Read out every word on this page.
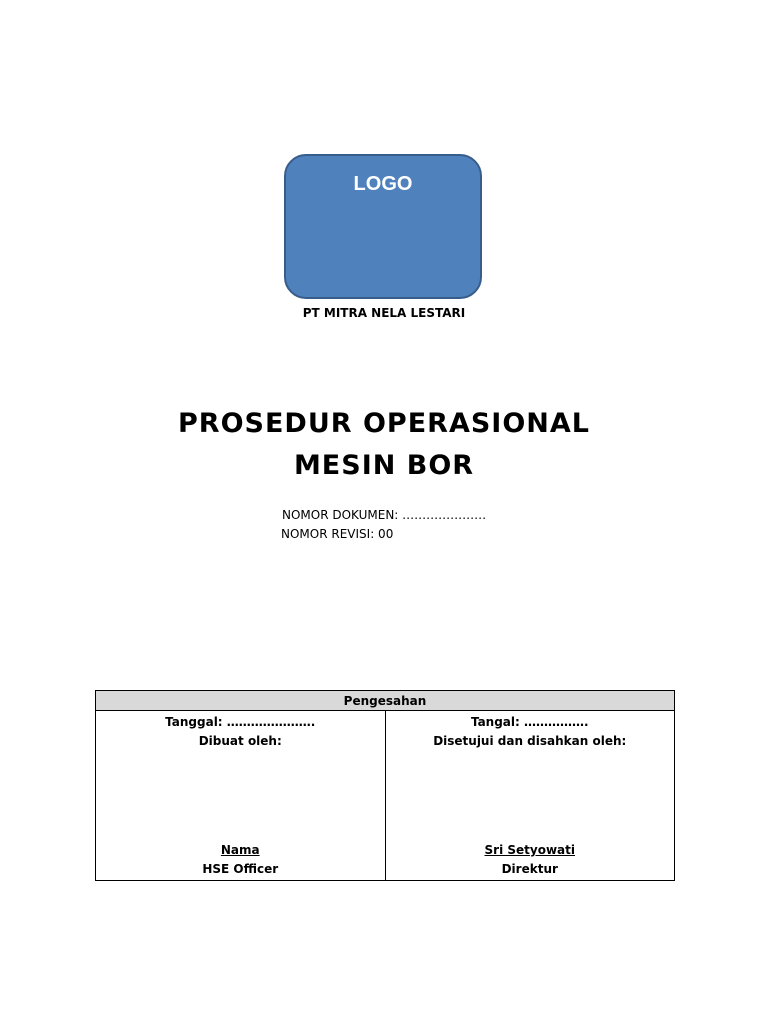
LOGO
PT MITRA NELA LESTARI
PROSEDUR OPERASIONAL
MESIN BOR
NOMOR DOKUMEN: …………………
NOMOR REVISI: 00
Pengesahan

Tanggal: ………………….
Dibuat oleh:
Nama
HSE Officer

Tangal: …………….
Disetujui dan disahkan oleh:
Sri Setyowati
Direktur
